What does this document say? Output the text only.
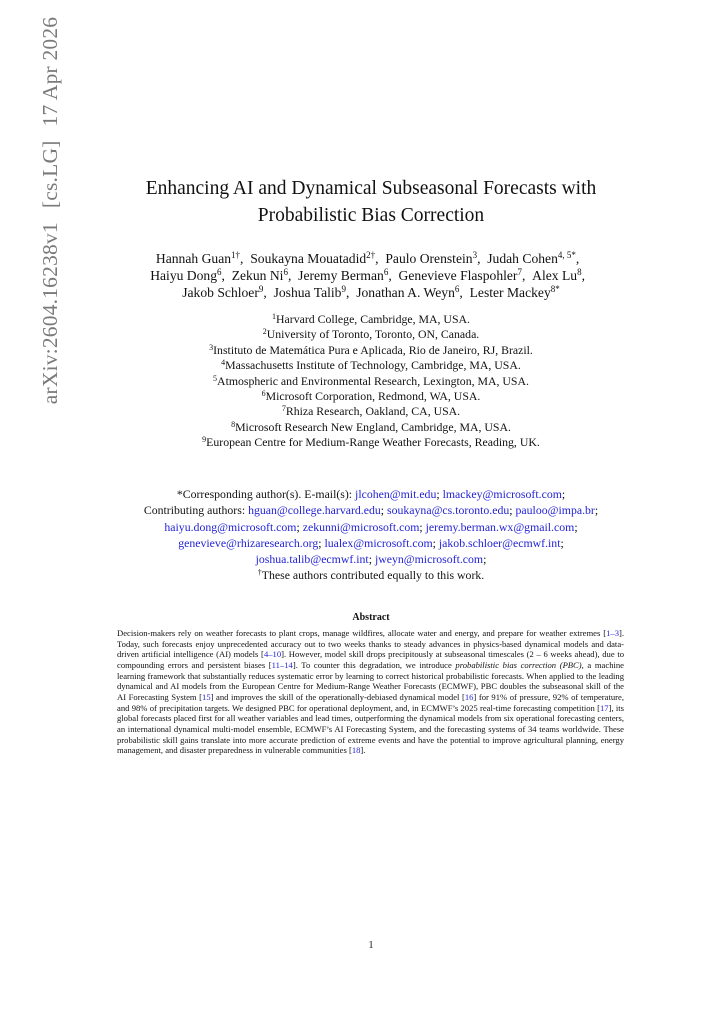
arXiv:2604.16238v1
[cs.LG]
17 Apr 2026
Enhancing AI and Dynamical Subseasonal Forecasts with Probabilistic Bias Correction
Hannah Guan$^{1\dagger}$,  Soukayna Mouatadid$^{2\dagger}$,  Paulo Orenstein$^3$,  Judah Cohen$^{4, 5*}$,
Haiyu Dong$^6$,  Zekun Ni$^6$,  Jeremy Berman$^6$,  Genevieve Flaspohler$^7$,  Alex Lu$^8$,
Jakob Schloer$^9$,  Joshua Talib$^9$,  Jonathan A. Weyn$^6$,  Lester Mackey$^{8*}$
$^1$Harvard College, Cambridge, MA, USA.
$^2$University of Toronto, Toronto, ON, Canada.
$^3$Instituto de Matemática Pura e Aplicada, Rio de Janeiro, RJ, Brazil.
$^4$Massachusetts Institute of Technology, Cambridge, MA, USA.
$^5$Atmospheric and Environmental Research, Lexington, MA, USA.
$^6$Microsoft Corporation, Redmond, WA, USA.
$^7$Rhiza Research, Oakland, CA, USA.
$^8$Microsoft Research New England, Cambridge, MA, USA.
$^9$European Centre for Medium-Range Weather Forecasts, Reading, UK.
*Corresponding author(s). E-mail(s): jlcohen@mit.edu; lmackey@microsoft.com;
Contributing authors: hguan@college.harvard.edu; soukayna@cs.toronto.edu; pauloo@impa.br;
haiyu.dong@microsoft.com; zekunni@microsoft.com; jeremy.berman.wx@gmail.com;
genevieve@rhizaresearch.org; lualex@microsoft.com; jakob.schloer@ecmwf.int;
joshua.talib@ecmwf.int; jweyn@microsoft.com;
†These authors contributed equally to this work.
Abstract
Decision-makers rely on weather forecasts to plant crops, manage wildfires, allocate water and energy, and prepare for weather extremes [1–3]. Today, such forecasts enjoy unprecedented accuracy out to two weeks thanks to steady advances in physics-based dynamical models and data-driven artificial intelligence (AI) models [4–10]. However, model skill drops precipitously at subseasonal timescales (2 – 6 weeks ahead), due to compounding errors and persistent biases [11–14]. To counter this degradation, we introduce probabilistic bias correction (PBC), a machine learning framework that substantially reduces systematic error by learning to correct historical probabilistic forecasts. When applied to the leading dynamical and AI models from the European Centre for Medium-Range Weather Forecasts (ECMWF), PBC doubles the subseasonal skill of the AI Forecasting System [15] and improves the skill of the operationally-debiased dynamical model [16] for 91% of pressure, 92% of temperature, and 98% of precipitation targets. We designed PBC for operational deployment, and, in ECMWF’s 2025 real-time forecasting competition [17], its global forecasts placed first for all weather variables and lead times, outperforming the dynamical models from six operational forecasting centers, an international dynamical multi-model ensemble, ECMWF’s AI Forecasting System, and the forecasting systems of 34 teams worldwide. These probabilistic skill gains translate into more accurate prediction of extreme events and have the potential to improve agricultural planning, energy management, and disaster preparedness in vulnerable communities [18].
1
